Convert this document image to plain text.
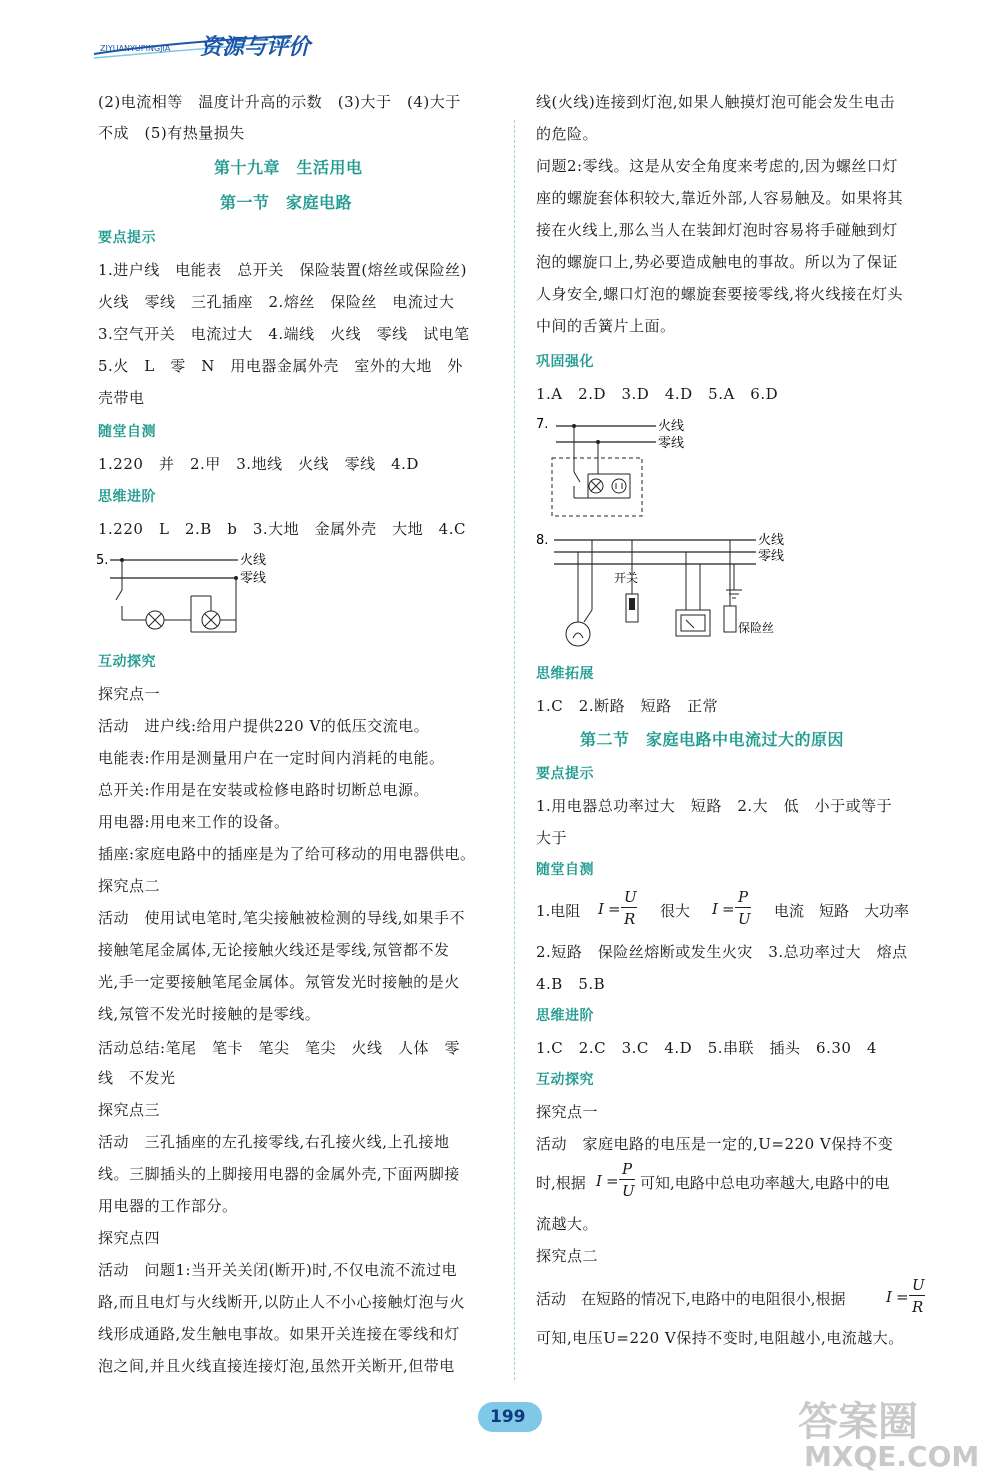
ZIYUANYUPINGJIA 资源与评价
(2)电流相等　温度计升高的示数　(3)大于　(4)大于
不成　(5)有热量损失
第十九章　生活用电
第一节　家庭电路
要点提示
1.进户线　电能表　总开关　保险装置(熔丝或保险丝)
火线　零线　三孔插座　2.熔丝　保险丝　电流过大
3.空气开关　电流过大　4.端线　火线　零线　试电笔
5.火　L　零　N　用电器金属外壳　室外的大地　外
壳带电
随堂自测
1.220　并　2.甲　3.地线　火线　零线　4.D
思维进阶
1.220　L　2.B　b　3.大地　金属外壳　大地　4.C
5.	火线
零线
互动探究
探究点一
活动　进户线:给用户提供220 V的低压交流电。
电能表:作用是测量用户在一定时间内消耗的电能。
总开关:作用是在安装或检修电路时切断总电源。
用电器:用电来工作的设备。
插座:家庭电路中的插座是为了给可移动的用电器供电。
探究点二
活动　使用试电笔时,笔尖接触被检测的导线,如果手不
接触笔尾金属体,无论接触火线还是零线,氖管都不发
光,手一定要接触笔尾金属体。氖管发光时接触的是火
线,氖管不发光时接触的是零线。
活动总结:笔尾　笔卡　笔尖　笔尖　火线　人体　零
线　不发光
探究点三
活动　三孔插座的左孔接零线,右孔接火线,上孔接地
线。三脚插头的上脚接用电器的金属外壳,下面两脚接
用电器的工作部分。
探究点四
活动　问题1:当开关关闭(断开)时,不仅电流不流过电
路,而且电灯与火线断开,以防止人不小心接触灯泡与火
线形成通路,发生触电事故。如果开关连接在零线和灯
泡之间,并且火线直接连接灯泡,虽然开关断开,但带电
线(火线)连接到灯泡,如果人触摸灯泡可能会发生电击
的危险。
问题2:零线。这是从安全角度来考虑的,因为螺丝口灯
座的螺旋套体积较大,靠近外部,人容易触及。如果将其
接在火线上,那么当人在装卸灯泡时容易将手碰触到灯
泡的螺旋口上,势必要造成触电的事故。所以为了保证
人身安全,螺口灯泡的螺旋套要接零线,将火线接在灯头
中间的舌簧片上面。
巩固强化
1.A　2.D　3.D　4.D　5.A　6.D
7.	火线
零线
8.	火线
零线
开关
保险丝
思维拓展
1.C　2.断路　短路　正常
第二节　家庭电路中电流过大的原因
要点提示
1.用电器总功率过大　短路　2.大　低　小于或等于
大于
随堂自测
1.电阻 I =
U
R 很大 I =
P
U 电流　短路　大功率
2.短路　保险丝熔断或发生火灾　3.总功率过大　熔点
4.B　5.B
思维进阶
1.C　2.C　3.C　4.D　5.串联　插头　6.30　4
互动探究
探究点一
活动　家庭电路的电压是一定的,U=220 V保持不变
时,根据 I =
P
U 可知,电路中总电功率越大,电路中的电
流越大。
探究点二
活动　在短路的情况下,电路中的电阻很小,根据	I =
U
R
可知,电压U=220 V保持不变时,电阻越小,电流越大。
199	答案圈
MXQE.COM
